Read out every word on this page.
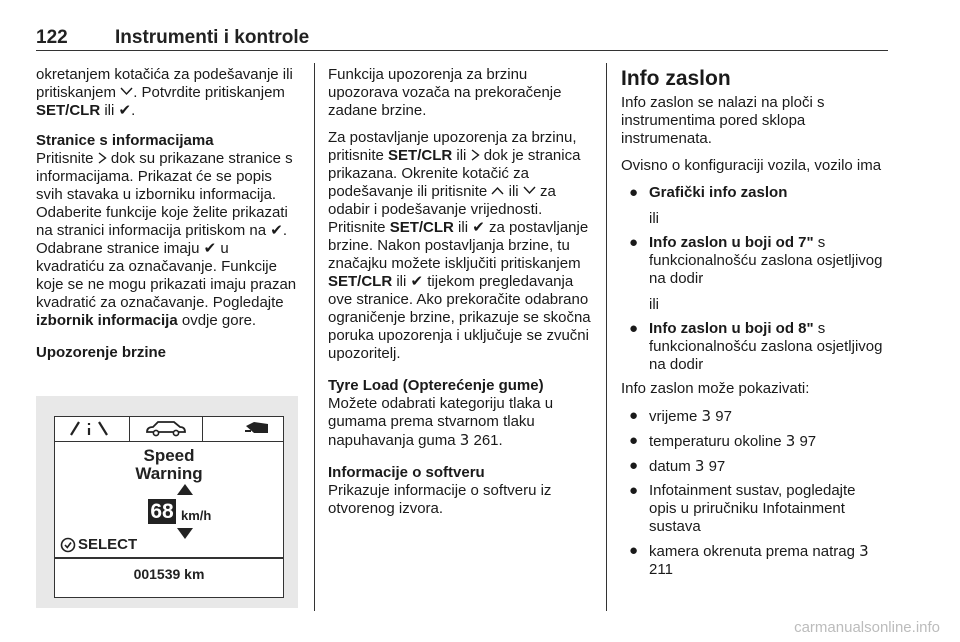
122 Instrumenti i kontrole

okretanjem kotačića za podešavanje ili pritiskanjem . Potvrdite pritiskanjem SET/CLR ili ✔.

Stranice s informacijama

Pritisnite  dok su prikazane stranice s informacijama. Prikazat će se popis svih stavaka u izborniku informacija. Odaberite funkcije koje želite prikazati na stranici informacija pritiskom na ✔. Odabrane stranice imaju ✔ u kvadratiću za označavanje. Funkcije koje se ne mogu prikazati imaju prazan kvadratić za označavanje. Pogledajte izbornik informacija ovdje gore.

Upozorenje brzine

Speed
Warning
68 km/h
SELECT
001539 km

Funkcija upozorenja za brzinu upozorava vozača na prekoračenje zadane brzine.

Za postavljanje upozorenja za brzinu, pritisnite SET/CLR ili  dok je stranica prikazana. Okrenite kotačić za podešavanje ili pritisnite  ili  za odabir i podešavanje vrijednosti. Pritisnite SET/CLR ili ✔ za postavljanje brzine. Nakon postavljanja brzine, tu značajku možete isključiti pritiskanjem SET/CLR ili ✔ tijekom pregledavanja ove stranice. Ako prekoračite odabrano ograničenje brzine, prikazuje se skočna poruka upozorenja i uključuje se zvučni upozoritelj.

Tyre Load (Opterećenje gume)

Možete odabrati kategoriju tlaka u gumama prema stvarnom tlaku napuhavanja guma 3 261.

Informacije o softveru

Prikazuje informacije o softveru iz otvorenog izvora.

Info zaslon

Info zaslon se nalazi na ploči s instrumentima pored sklopa instrumenata.

Ovisno o konfiguraciji vozila, vozilo ima

● Grafički info zaslon
ili
● Info zaslon u boji od 7" s funkcionalnošću zaslona osjetljivog na dodir
ili
● Info zaslon u boji od 8" s funkcionalnošću zaslona osjetljivog na dodir

Info zaslon može pokazivati:

● vrijeme 3 97
● temperaturu okoline 3 97
● datum 3 97
● Infotainment sustav, pogledajte opis u priručniku Infotainment sustava
● kamera okrenuta prema natrag 3 211
carmanualsonline.info
